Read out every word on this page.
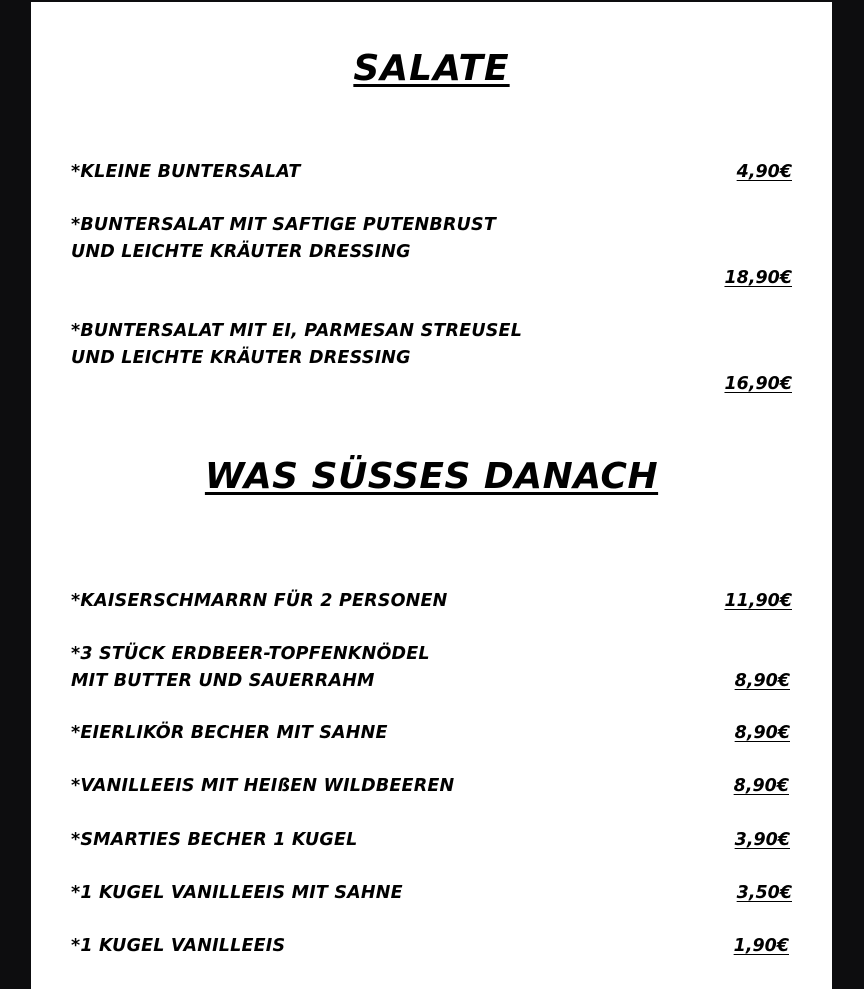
SALATE
*KLEINE BUNTERSALAT	4,90€
*BUNTERSALAT MIT SAFTIGE PUTENBRUST
UND LEICHTE KRÄUTER DRESSING
18,90€
*BUNTERSALAT MIT EI, PARMESAN STREUSEL
UND LEICHTE KRÄUTER DRESSING
16,90€
WAS SÜSSES DANACH
*KAISERSCHMARRN FÜR 2 PERSONEN	11,90€
*3 STÜCK ERDBEER-TOPFENKNÖDEL
MIT BUTTER UND SAUERRAHM	8,90€
*EIERLIKÖR BECHER MIT SAHNE	8,90€
*VANILLEEIS MIT HEIßEN WILDBEEREN	8,90€
*SMARTIES BECHER 1 KUGEL	3,90€
*1 KUGEL VANILLEEIS MIT SAHNE	3,50€
*1 KUGEL VANILLEEIS	1,90€
